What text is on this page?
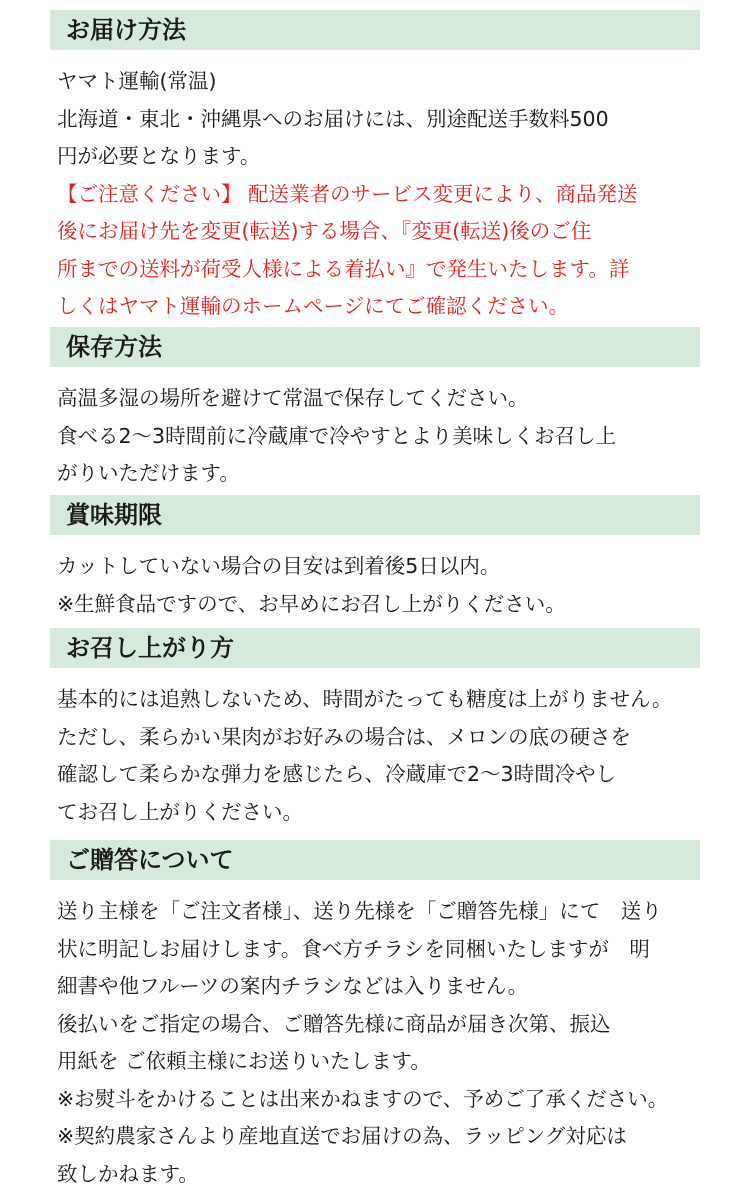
お届け方法
ヤマト運輸(常温)
北海道・東北・沖縄県へのお届けには、別途配送手数料500
円が必要となります。
【ご注意ください】 配送業者のサービス変更により、商品発送
後にお届け先を変更(転送)する場合、『変更(転送)後のご住
所までの送料が荷受人様による着払い』で発生いたします。詳
しくはヤマト運輸のホームページにてご確認ください。
保存方法
高温多湿の場所を避けて常温で保存してください。
食べる2〜3時間前に冷蔵庫で冷やすとより美味しくお召し上
がりいただけます。
賞味期限
カットしていない場合の目安は到着後5日以内。
※生鮮食品ですので、お早めにお召し上がりください。
お召し上がり方
基本的には追熟しないため、時間がたっても糖度は上がりません。
ただし、柔らかい果肉がお好みの場合は、メロンの底の硬さを
確認して柔らかな弾力を感じたら、冷蔵庫で2〜3時間冷やし
てお召し上がりください。
ご贈答について
送り主様を「ご注文者様」、送り先様を「ご贈答先様」にて　送り
状に明記しお届けします。食べ方チラシを同梱いたしますが　明
細書や他フルーツの案内チラシなどは入りません。
後払いをご指定の場合、ご贈答先様に商品が届き次第、振込
用紙を ご依頼主様にお送りいたします。
※お熨斗をかけることは出来かねますので、予めご了承ください。
※契約農家さんより産地直送でお届けの為、ラッピング対応は
致しかねます。
